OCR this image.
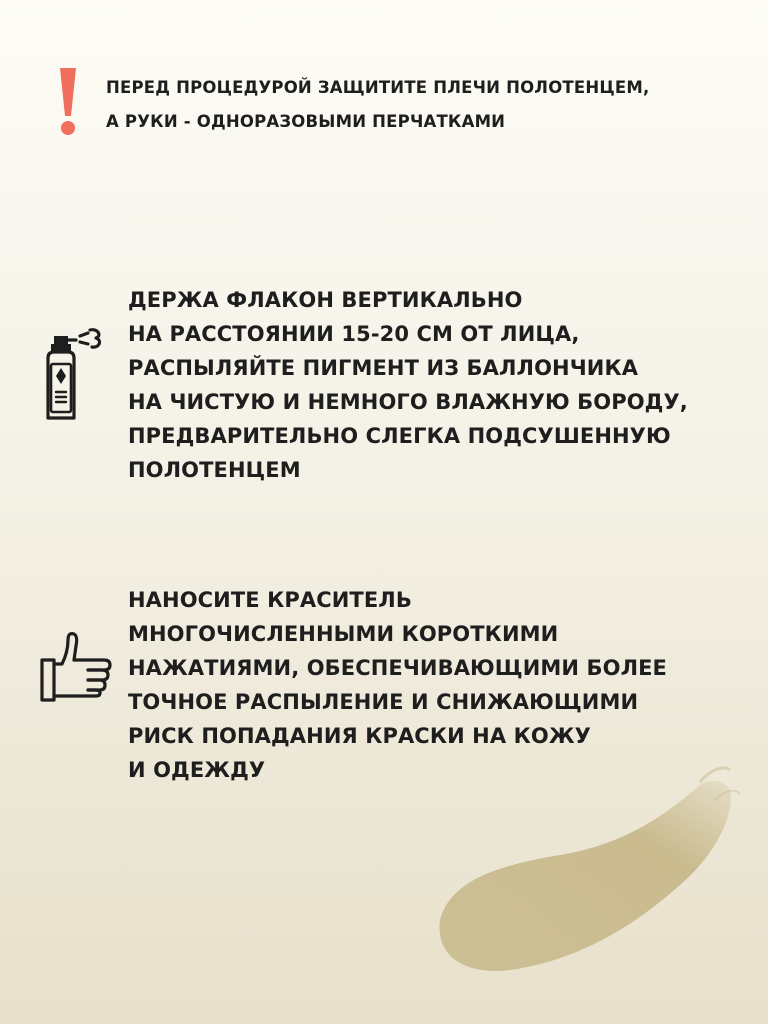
ПЕРЕД ПРОЦЕДУРОЙ ЗАЩИТИТЕ ПЛЕЧИ ПОЛОТЕНЦЕМ,
А РУКИ - ОДНОРАЗОВЫМИ ПЕРЧАТКАМИ

ДЕРЖА ФЛАКОН ВЕРТИКАЛЬНО
НА РАССТОЯНИИ 15-20 СМ ОТ ЛИЦА,
РАСПЫЛЯЙТЕ ПИГМЕНТ ИЗ БАЛЛОНЧИКА
НА ЧИСТУЮ И НЕМНОГО ВЛАЖНУЮ БОРОДУ,
ПРЕДВАРИТЕЛЬНО СЛЕГКА ПОДСУШЕННУЮ
ПОЛОТЕНЦЕМ

НАНОСИТЕ КРАСИТЕЛЬ
МНОГОЧИСЛЕННЫМИ КОРОТКИМИ
НАЖАТИЯМИ, ОБЕСПЕЧИВАЮЩИМИ БОЛЕЕ
ТОЧНОЕ РАСПЫЛЕНИЕ И СНИЖАЮЩИМИ
РИСК ПОПАДАНИЯ КРАСКИ НА КОЖУ
И ОДЕЖДУ
